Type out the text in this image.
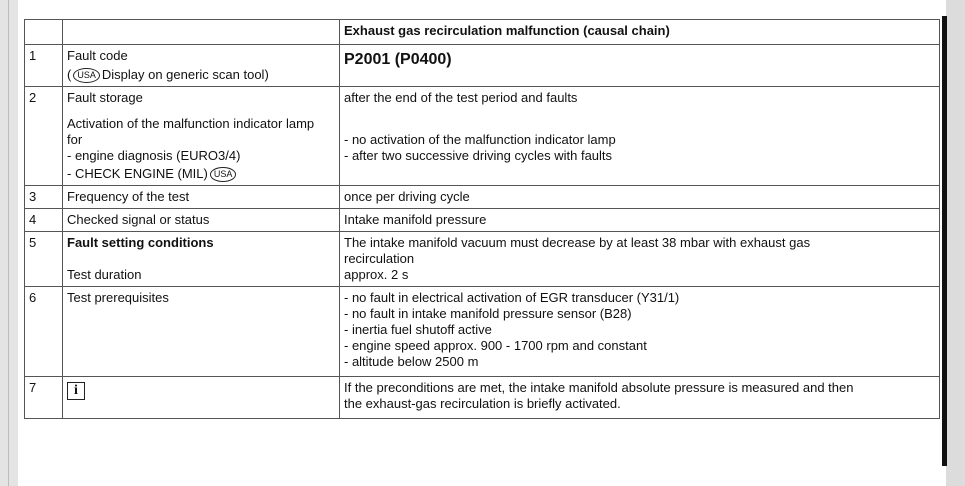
		Exhaust gas recirculation malfunction (causal chain)
1	Fault code
( USA Display on generic scan tool)	P2001 (P0400)

2	Fault storage
Activation of the malfunction indicator lamp
for
- engine diagnosis (EURO3/4)
- CHECK ENGINE (MIL) USA	after the end of the test period and faults
- no activation of the malfunction indicator lamp
- after two successive driving cycles with faults

3	Frequency of the test	once per driving cycle
4	Checked signal or status	Intake manifold pressure
5	Fault setting conditions
Test duration	The intake manifold vacuum must decrease by at least 38 mbar with exhaust gas
recirculation
approx. 2 s

6	Test prerequisites	- no fault in electrical activation of EGR transducer (Y31/1)
- no fault in intake manifold pressure sensor (B28)
- inertia fuel shutoff active
- engine speed approx. 900 - 1700 rpm and constant
- altitude below 2500 m

7	i	If the preconditions are met, the intake manifold absolute pressure is measured and then
the exhaust-gas recirculation is briefly activated.
